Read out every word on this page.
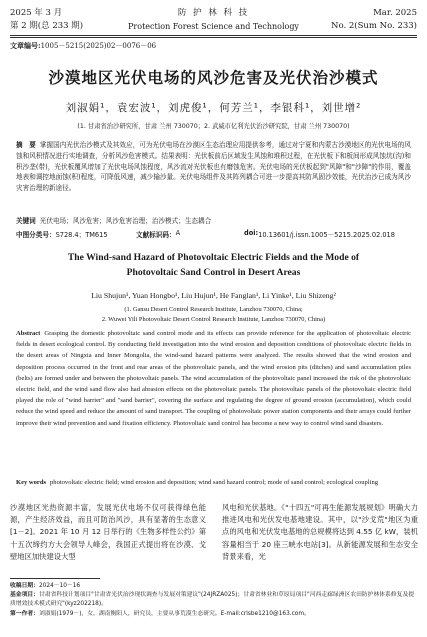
2025 年 3 月	防 护 林 科 技	Mar. 2025
第 2 期(总 233 期)	Protection Forest Science and Technology	No. 2(Sum No. 233)
文章编号:1005－5215(2025)02－0076－06
沙漠地区光伏电场的风沙危害及光伏治沙模式
刘淑娟¹，袁宏波¹，刘虎俊¹，何芳兰¹，李银科¹，刘世增²
(1. 甘肃省治沙研究所，甘肃 兰州 730070；2. 武威市亿利光伏治沙研究院，甘肃 兰州 730070)
摘　要 掌握国内光伏治沙模式及其效应，可为光伏电场在沙漠区生态治理应用提供参考，通过对宁夏和内蒙古沙漠地区的光伏电场的风蚀和风积情况进行实地调查，分析风沙危害模式。结果表明：光伏板前后区域发生风蚀和堆积过程，在光伏板下和板间形成风蚀坑(沟)和积沙垄(带)，光伏板覆风增加了光伏电场风蚀程度，风沙流对光伏板也有磨蚀危害。光伏电场的光伏板起到"风障"和"沙障"的作用，覆盖地表和调控地面蚀(积)程度，可降低风速，减少输沙量。光伏电场组件及其阵列耦合可进一步提高其防风固沙效能，光伏治沙已成为风沙灾害治理的新途径。
关键词 光伏电场；风沙危害；风沙危害治理；治沙模式；生态耦合
中图分类号： S728.4；TM615	文献标识码： A	doi: 10.13601/j.issn.1005－5215.2025.02.018
The Wind-sand Hazard of Photovoltaic Electric Fields and the Mode of
Photovoltaic Sand Control in Desert Areas
Liu Shujun¹, Yuan Hongbo¹, Liu Hujun¹, He Fanglan¹, Li Yinke¹, Liu Shizeng²
(1. Gansu Desert Control Research Institute, Lanzhou 730070, China;
2. Wuwei Yili Photovoltaic Desert Control Research Institute, Lanzhou 730070, China)
Abstract Grasping the domestic photovoltaic sand control mode and its effects can provide reference for the application of photovoltaic electric fields in desert ecological control. By conducting field investigation into the wind erosion and deposition conditions of photovoltaic electric fields in the desert areas of Ningxia and Inner Mongolia, the wind-sand hazard patterns were analyzed. The results showed that the wind erosion and deposition process occurred in the front and rear areas of the photovoltaic panels, and the wind erosion pits (ditches) and sand accumulation piles (belts) are formed under and between the photovoltaic panels. The wind accumulation of the photovoltaic panel increased the risk of the photovoltaic electric field, and the wind sand flow also had abrasion effects on the photovoltaic panels. The photovoltaic panels of the photovoltaic electric field played the role of "wind barrier" and "sand barrier", covering the surface and regulating the degree of ground erosion (accumulation), which could reduce the wind speed and reduce the amount of sand transport. The coupling of photovoltaic power station components and their arrays could further improve their wind prevention and sand fixation efficiency. Photovoltaic sand control has become a new way to control wind sand disasters.
Key words photovoltaic electric field; wind erosion and deposition; wind sand hazard control; mode of sand control; ecological coupling
沙漠地区光热资源丰富，发展光伏电场不仅可获得绿色能源，产生经济效益，而且可防治风沙，具有显著的生态意义[1－2]。2021 年 10 月 12 日举行的《生物多样性公约》第十五次缔约方大会领导人峰会，我国正式提出将在沙漠、戈壁地区加快建设大型
风电和光伏基地。《"十四五"可再生能源发展规划》明确大力推进风电和光伏发电基地建设。其中，以"沙戈荒"地区为重点的风电和光伏发电基地的总规模将达到 4.55 亿 kW，装机容量相当于 20 座三峡水电站[3]。从新能源发展和生态安全背景来看，光
收稿日期：2024－10－16
基金项目：甘肃省科技计划项目"甘肃省光伏治沙现状调查与发展对策建议"(24JRZA025)；甘肃省林业和草原局项目"河西走廊绿洲区农田防护林体系修复及提质增效技术模式研究"(kyz202218)。
第一作者：刘淑娟(1979－)，女，湖南衡阳人，研究员，主要从事荒漠生态研究。E-mail:crisbe1210@163.com。
